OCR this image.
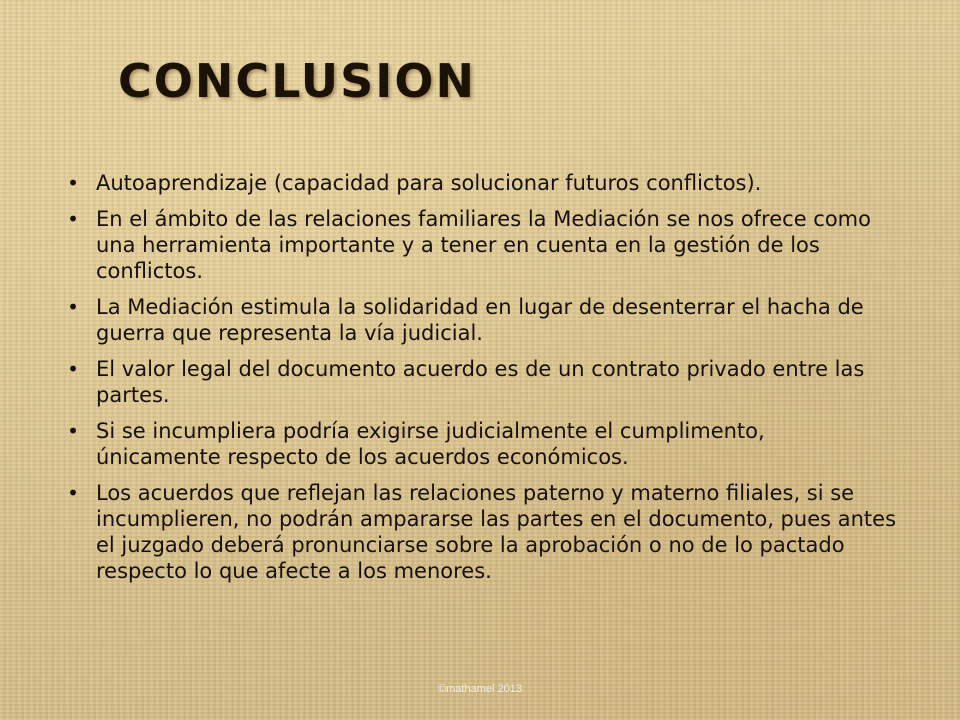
CONCLUSION
• Autoaprendizaje (capacidad para solucionar futuros conflictos).
• En el ámbito de las relaciones familiares la Mediación se nos ofrece como una herramienta importante y a tener en cuenta en la gestión de los conflictos.
• La Mediación estimula la solidaridad en lugar de desenterrar el hacha de guerra que representa la vía judicial.
• El valor legal del documento acuerdo es de un contrato privado entre las partes.
• Si se incumpliera podría exigirse judicialmente el cumplimento, únicamente respecto de los acuerdos económicos.
• Los acuerdos que reflejan las relaciones paterno y materno filiales, si se incumplieren, no podrán ampararse las partes en el documento, pues antes el juzgado deberá pronunciarse sobre la aprobación o no de lo pactado respecto lo que afecte a los menores.
©mathamel 2013
